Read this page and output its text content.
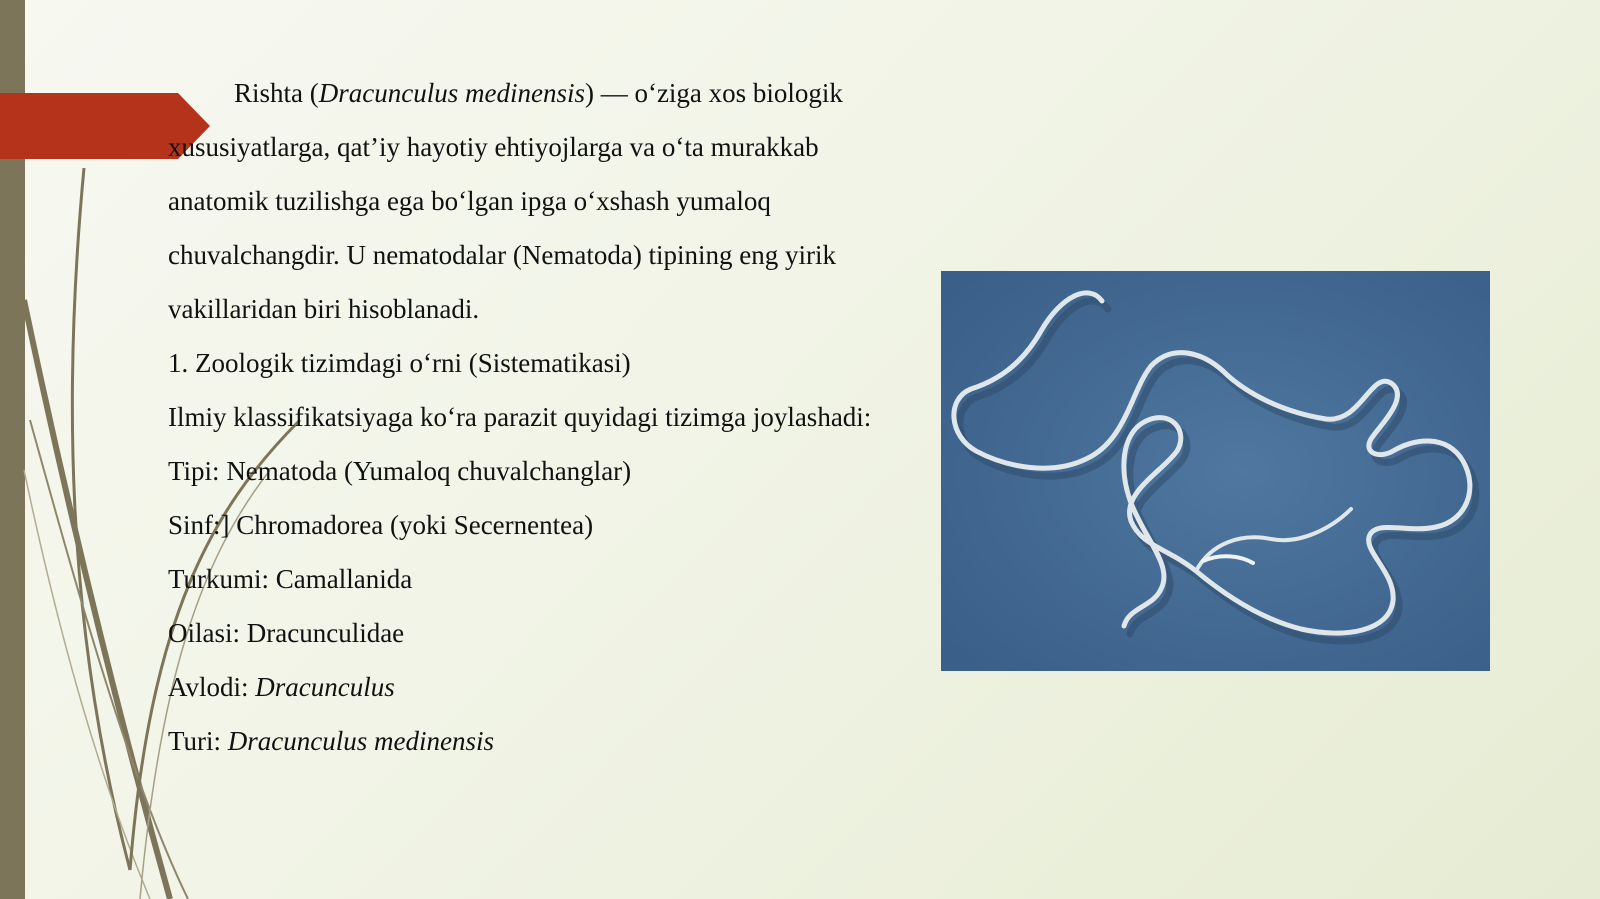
Rishta (Dracunculus medinensis) — o‘ziga xos biologik xususiyatlarga, qat’iy hayotiy ehtiyojlarga va o‘ta murakkab anatomik tuzilishga ega bo‘lgan ipga o‘xshash yumaloq chuvalchangdir. U nematodalar (Nematoda) tipining eng yirik vakillaridan biri hisoblanadi.

1. Zoologik tizimdagi o‘rni (Sistematikasi)

Ilmiy klassifikatsiyaga ko‘ra parazit quyidagi tizimga joylashadi:

Tipi: Nematoda (Yumaloq chuvalchanglar)

Sinf:] Chromadorea (yoki Secernentea)

Turkumi: Camallanida

Oilasi: Dracunculidae

Avlodi: Dracunculus

Turi: Dracunculus medinensis
